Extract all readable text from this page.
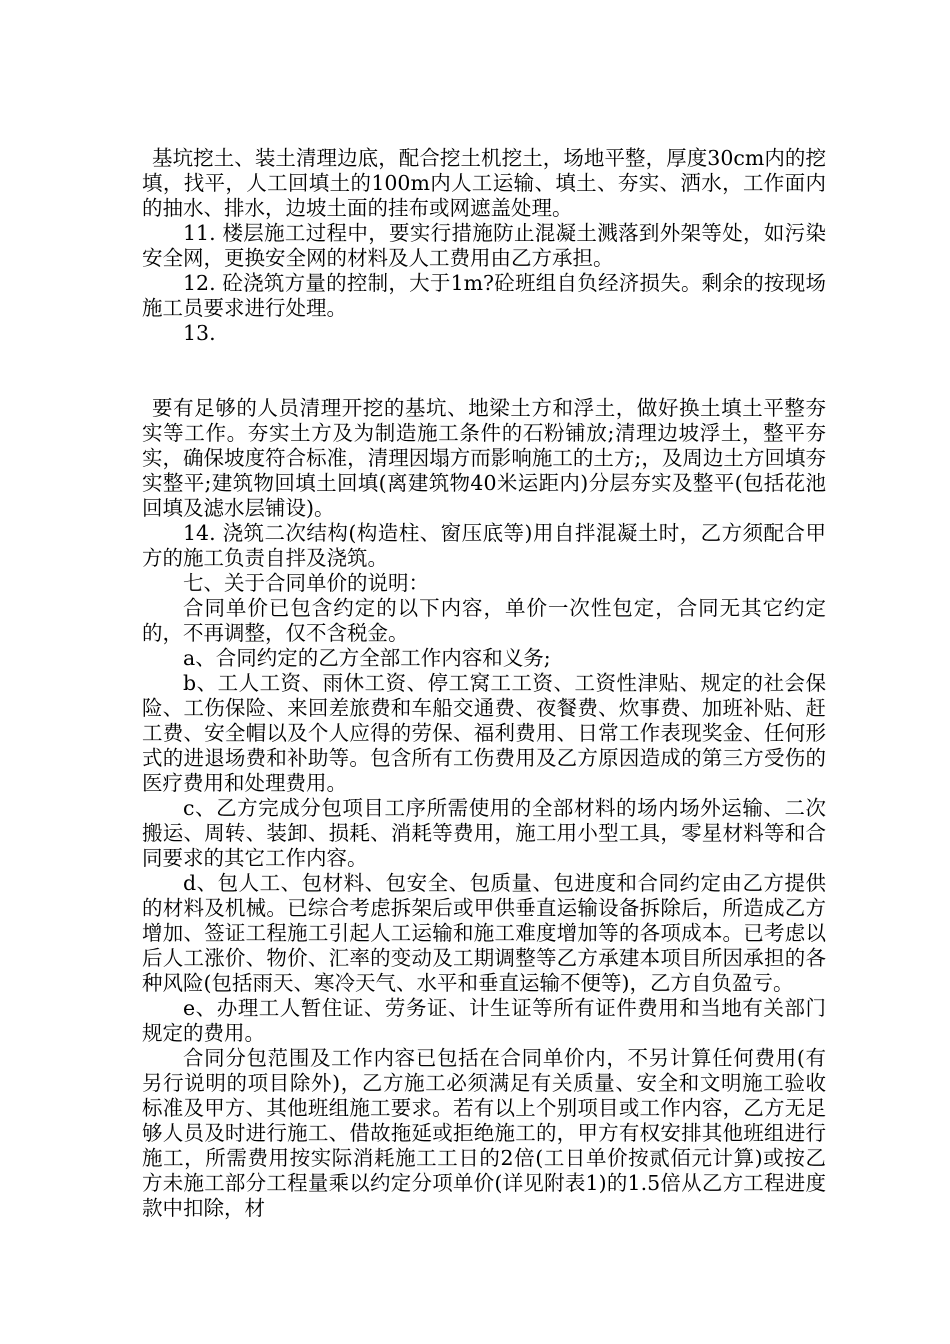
基坑挖土、装土清理边底，配合挖土机挖土，场地平整，厚度30cm内的挖填，找平，人工回填土的100m内人工运输、填土、夯实、洒水，工作面内的抽水、排水，边坡土面的挂布或网遮盖处理。

11. 楼层施工过程中，要实行措施防止混凝土溅落到外架等处，如污染安全网，更换安全网的材料及人工费用由乙方承担。

12. 砼浇筑方量的控制，大于1m?砼班组自负经济损失。剩余的按现场施工员要求进行处理。

13.

要有足够的人员清理开挖的基坑、地梁土方和浮土，做好换土填土平整夯实等工作。夯实土方及为制造施工条件的石粉铺放;清理边坡浮土，整平夯实，确保坡度符合标准，清理因塌方而影响施工的土方;，及周边土方回填夯实整平;建筑物回填土回填(离建筑物40米运距内)分层夯实及整平(包括花池回填及滤水层铺设)。

14. 浇筑二次结构(构造柱、窗压底等)用自拌混凝土时，乙方须配合甲方的施工负责自拌及浇筑。

七、关于合同单价的说明：

合同单价已包含约定的以下内容，单价一次性包定，合同无其它约定的，不再调整，仅不含税金。

a、合同约定的乙方全部工作内容和义务;

b、工人工资、雨休工资、停工窝工工资、工资性津贴、规定的社会保险、工伤保险、来回差旅费和车船交通费、夜餐费、炊事费、加班补贴、赶工费、安全帽以及个人应得的劳保、福利费用、日常工作表现奖金、任何形式的进退场费和补助等。包含所有工伤费用及乙方原因造成的第三方受伤的医疗费用和处理费用。

c、乙方完成分包项目工序所需使用的全部材料的场内场外运输、二次搬运、周转、装卸、损耗、消耗等费用，施工用小型工具，零星材料等和合同要求的其它工作内容。

d、包人工、包材料、包安全、包质量、包进度和合同约定由乙方提供的材料及机械。已综合考虑拆架后或甲供垂直运输设备拆除后，所造成乙方增加、签证工程施工引起人工运输和施工难度增加等的各项成本。已考虑以后人工涨价、物价、汇率的变动及工期调整等乙方承建本项目所因承担的各种风险(包括雨天、寒冷天气、水平和垂直运输不便等)，乙方自负盈亏。

e、办理工人暂住证、劳务证、计生证等所有证件费用和当地有关部门规定的费用。

合同分包范围及工作内容已包括在合同单价内，不另计算任何费用(有另行说明的项目除外)，乙方施工必须满足有关质量、安全和文明施工验收标准及甲方、其他班组施工要求。若有以上个别项目或工作内容，乙方无足够人员及时进行施工、借故拖延或拒绝施工的，甲方有权安排其他班组进行施工，所需费用按实际消耗施工工日的2倍(工日单价按贰佰元计算)或按乙方未施工部分工程量乘以约定分项单价(详见附表1)的1.5倍从乙方工程进度款中扣除，材
